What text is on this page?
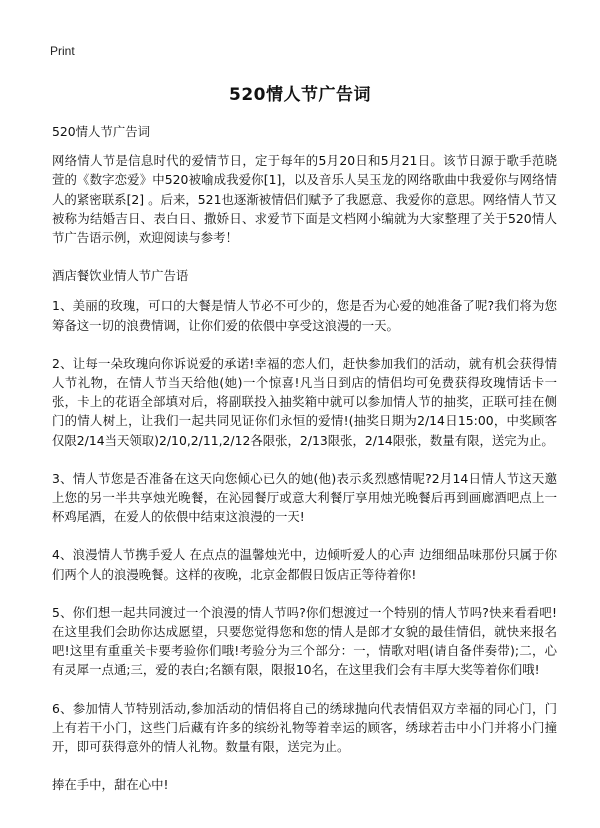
Print
520情人节广告词

520情人节广告词

网络情人节是信息时代的爱情节日，定于每年的5月20日和5月21日。该节日源于歌手范晓萱的《数字恋爱》中520被喻成我爱你[1]，以及音乐人吴玉龙的网络歌曲中我爱你与网络情人的紧密联系[2] 。后来，521也逐渐被情侣们赋予了我愿意、我爱你的意思。网络情人节又被称为结婚吉日、表白日、撒娇日、求爱节下面是文档网小编就为大家整理了关于520情人节广告语示例，欢迎阅读与参考！

酒店餐饮业情人节广告语

1、美丽的玫瑰，可口的大餐是情人节必不可少的，您是否为心爱的她准备了呢?我们将为您筹备这一切的浪费情调，让你们爱的依偎中享受这浪漫的一天。

2、让每一朵玫瑰向你诉说爱的承诺!幸福的恋人们，赶快参加我们的活动，就有机会获得情人节礼物，在情人节当天给他(她)一个惊喜!凡当日到店的情侣均可免费获得玫瑰情话卡一张，卡上的花语全部填对后，将副联投入抽奖箱中就可以参加情人节的抽奖，正联可挂在侧门的情人树上，让我们一起共同见证你们永恒的爱情!(抽奖日期为2/14日15:00，中奖顾客仅限2/14当天领取)2/10,2/11,2/12各限张，2/13限张，2/14限张，数量有限，送完为止。

3、情人节您是否准备在这天向您倾心已久的她(他)表示炙烈感情呢?2月14日情人节这天邀上您的另一半共享烛光晚餐，在沁园餐厅或意大利餐厅享用烛光晚餐后再到画廊酒吧点上一杯鸡尾酒，在爱人的依偎中结束这浪漫的一天!

4、浪漫情人节携手爱人 在点点的温馨烛光中，边倾听爱人的心声 边细细品味那份只属于你们两个人的浪漫晚餐。这样的夜晚，北京金都假日饭店正等待着你!

5、你们想一起共同渡过一个浪漫的情人节吗?你们想渡过一个特别的情人节吗?快来看看吧!在这里我们会助你达成愿望，只要您觉得您和您的情人是郎才女貌的最佳情侣，就快来报名吧!这里有重重关卡要考验你们哦!考验分为三个部分：一，情歌对唱(请自备伴奏带);二，心有灵犀一点通;三，爱的表白;名额有限，限报10名，在这里我们会有丰厚大奖等着你们哦!

6、参加情人节特别活动,参加活动的情侣将自己的绣球抛向代表情侣双方幸福的同心门，门上有若干小门，这些门后藏有许多的缤纷礼物等着幸运的顾客，绣球若击中小门并将小门撞开，即可获得意外的情人礼物。数量有限，送完为止。

捧在手中，甜在心中!
